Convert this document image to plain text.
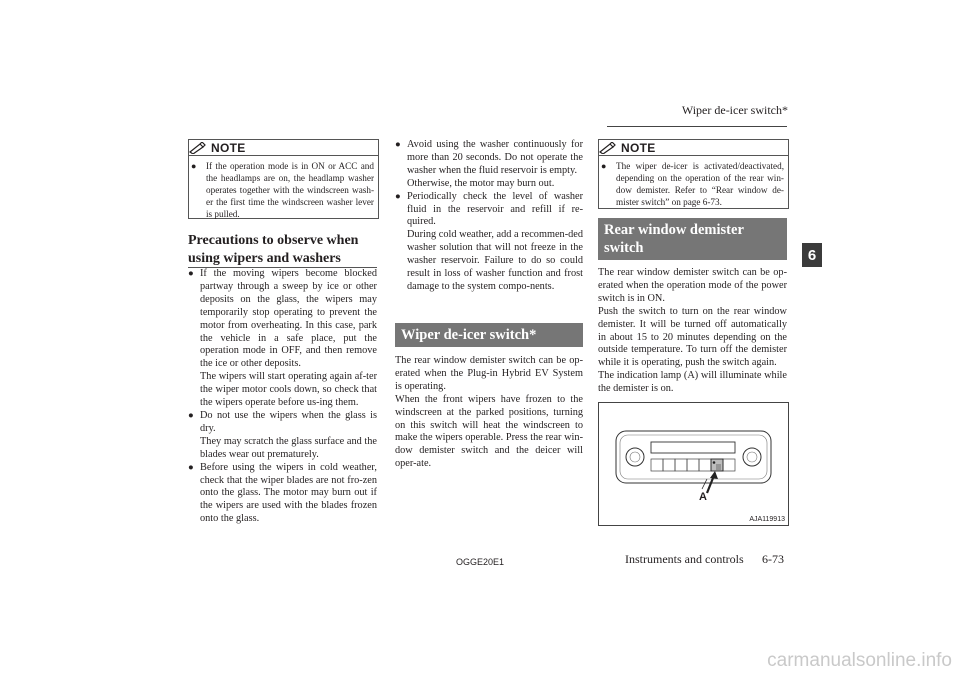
Wiper de-icer switch*
6
NOTE
●	If the operation mode is in ON or ACC and the headlamps are on, the headlamp washer operates together with the windscreen wash-er the first time the windscreen washer lever is pulled.
Precautions to observe when using wipers and washers
● If the moving wipers become blocked partway through a sweep by ice or other deposits on the glass, the wipers may temporarily stop operating to prevent the motor from overheating. In this case, park the vehicle in a safe place, put the operation mode in OFF, and then remove the ice or other deposits.
The wipers will start operating again af-ter the wiper motor cools down, so check that the wipers operate before us-ing them.
● Do not use the wipers when the glass is dry.
They may scratch the glass surface and the blades wear out prematurely.
● Before using the wipers in cold weather, check that the wiper blades are not fro-zen onto the glass. The motor may burn out if the wipers are used with the blades frozen onto the glass.
● Avoid using the washer continuously for more than 20 seconds. Do not operate the washer when the fluid reservoir is empty.
Otherwise, the motor may burn out.
● Periodically check the level of washer fluid in the reservoir and refill if re-quired.
During cold weather, add a recommen-ded washer solution that will not freeze in the washer reservoir. Failure to do so could result in loss of washer function and frost damage to the system compo-nents.
Wiper de-icer switch*

The rear window demister switch can be op-erated when the Plug-in Hybrid EV System is operating.

When the front wipers have frozen to the windscreen at the parked positions, turning on this switch will heat the windscreen to make the wipers operable. Press the rear win-dow demister switch and the deicer will oper-ate.

NOTE
●	The wiper de-icer is activated/deactivated, depending on the operation of the rear win-dow demister. Refer to “Rear window de-mister switch” on page 6-73.
Rear window demister switch

The rear window demister switch can be op-erated when the operation mode of the power switch is in ON.

Push the switch to turn on the rear window demister. It will be turned off automatically in about 15 to 20 minutes depending on the outside temperature. To turn off the demister while it is operating, push the switch again.

The indication lamp (A) will illuminate while the demister is on.

A
AJA119913
OGGE20E1	Instruments and controls 6-73
carmanualsonline.info
